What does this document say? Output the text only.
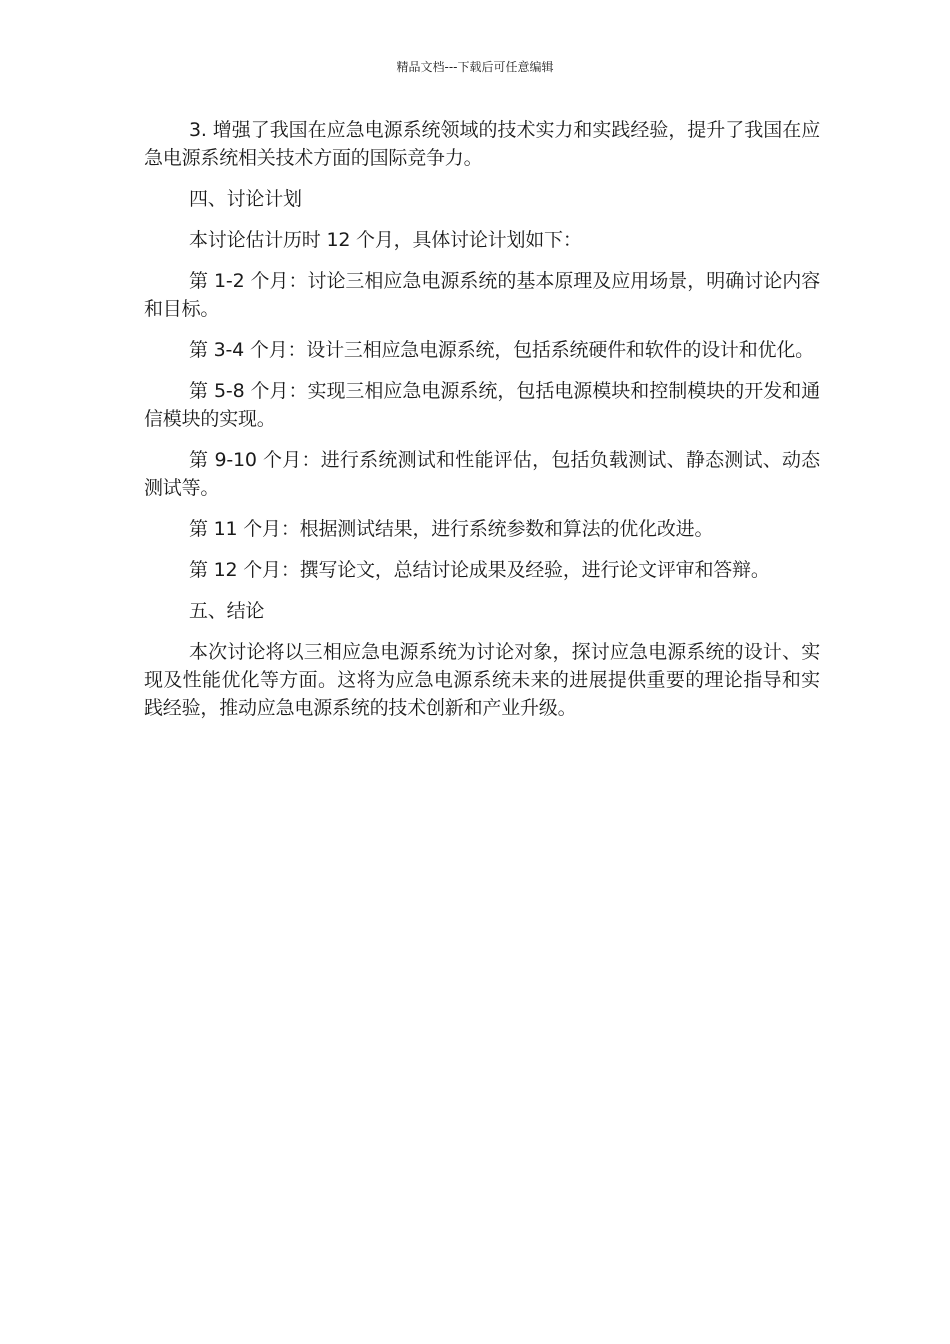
精品文档---下载后可任意编辑

3. 增强了我国在应急电源系统领域的技术实力和实践经验，提升了我国在应急电源系统相关技术方面的国际竞争力。

四、讨论计划

本讨论估计历时 12 个月，具体讨论计划如下：

第 1-2 个月：讨论三相应急电源系统的基本原理及应用场景，明确讨论内容和目标。

第 3-4 个月：设计三相应急电源系统，包括系统硬件和软件的设计和优化。

第 5-8 个月：实现三相应急电源系统，包括电源模块和控制模块的开发和通信模块的实现。

第 9-10 个月：进行系统测试和性能评估，包括负载测试、静态测试、动态测试等。

第 11 个月：根据测试结果，进行系统参数和算法的优化改进。

第 12 个月：撰写论文，总结讨论成果及经验，进行论文评审和答辩。

五、结论

本次讨论将以三相应急电源系统为讨论对象，探讨应急电源系统的设计、实现及性能优化等方面。这将为应急电源系统未来的进展提供重要的理论指导和实践经验，推动应急电源系统的技术创新和产业升级。
